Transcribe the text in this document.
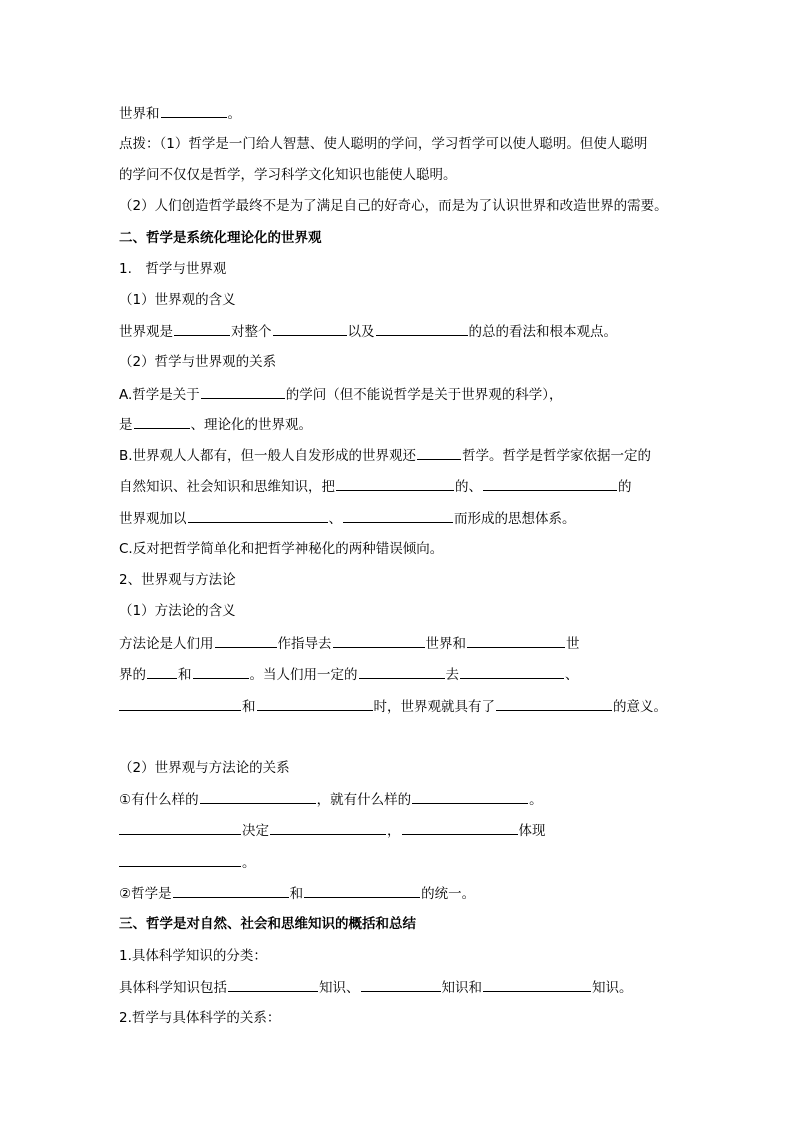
世界和	。
点拨：（1）哲学是一门给人智慧、使人聪明的学问，学习哲学可以使人聪明。但使人聪明
的学问不仅仅是哲学，学习科学文化知识也能使人聪明。
（2）人们创造哲学最终不是为了满足自己的好奇心，而是为了认识世界和改造世界的需要。
二、哲学是系统化理论化的世界观
1.　哲学与世界观
（1）世界观的含义
世界观是	对整个	以及	的总的看法和根本观点。
（2）哲学与世界观的关系
A.哲学是关于	的学问（但不能说哲学是关于世界观的科学），
是	、理论化的世界观。
B.世界观人人都有，但一般人自发形成的世界观还	哲学。哲学是哲学家依据一定的
自然知识、社会知识和思维知识，把	的、	的
世界观加以	、	而形成的思想体系。
C.反对把哲学简单化和把哲学神秘化的两种错误倾向。
2、世界观与方法论
（1）方法论的含义
方法论是人们用	作指导去	世界和	世
界的 和	。当人们用一定的	去	、
和	时，世界观就具有了	的意义。
（2）世界观与方法论的关系
①有什么样的	，就有什么样的	。
决定	，	体现
。
②哲学是	和	的统一。
三、哲学是对自然、社会和思维知识的概括和总结
1.具体科学知识的分类：
具体科学知识包括	知识、	知识和	知识。
2.哲学与具体科学的关系：
